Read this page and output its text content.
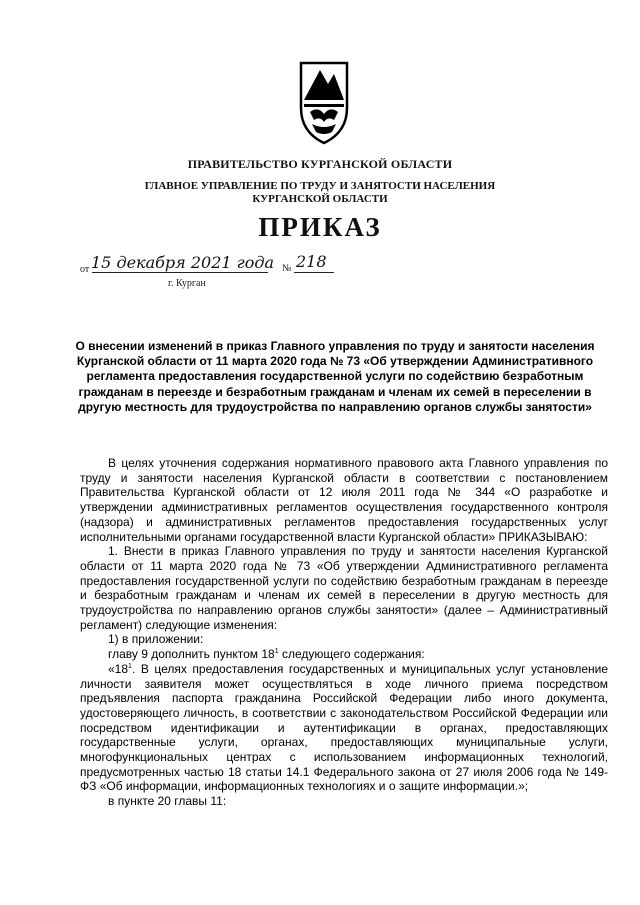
ПРАВИТЕЛЬСТВО КУРГАНСКОЙ ОБЛАСТИ
ГЛАВНОЕ УПРАВЛЕНИЕ ПО ТРУДУ И ЗАНЯТОСТИ НАСЕЛЕНИЯ
КУРГАНСКОЙ ОБЛАСТИ
ПРИКАЗ
от 15 декабря 2021 года № 218
г. Курган
О внесении изменений в приказ Главного управления по труду и занятости населения Курганской области от 11 марта 2020 года № 73 «Об утверждении Административного регламента предоставления государственной услуги по содействию безработным гражданам в переезде и безработным гражданам и членам их семей в переселении в другую местность для трудоустройства по направлению органов службы занятости»

В целях уточнения содержания нормативного правового акта Главного управления по труду и занятости населения Курганской области в соответствии с постановлением Правительства Курганской области от 12 июля 2011 года № 344 «О разработке и утверждении административных регламентов осуществления государственного контроля (надзора) и административных регламентов предоставления государственных услуг исполнительными органами государственной власти Курганской области» ПРИКАЗЫВАЮ:

1. Внести в приказ Главного управления по труду и занятости населения Курганской области от 11 марта 2020 года № 73 «Об утверждении Административного регламента предоставления государственной услуги по содействию безработным гражданам в переезде и безработным гражданам и членам их семей в переселении в другую местность для трудоустройства по направлению органов службы занятости» (далее – Административный регламент) следующие изменения:

1) в приложении:

главу 9 дополнить пунктом $18^1$ следующего содержания:

«$18^1$. В целях предоставления государственных и муниципальных услуг установление личности заявителя может осуществляться в ходе личного приема посредством предъявления паспорта гражданина Российской Федерации либо иного документа, удостоверяющего личность, в соответствии с законодательством Российской Федерации или посредством идентификации и аутентификации в органах, предоставляющих государственные услуги, органах, предоставляющих муниципальные услуги, многофункциональных центрах с использованием информационных технологий, предусмотренных частью 18 статьи 14.1 Федерального закона от 27 июля 2006 года № 149-ФЗ «Об информации, информационных технологиях и о защите информации.»;

в пункте 20 главы 11:
